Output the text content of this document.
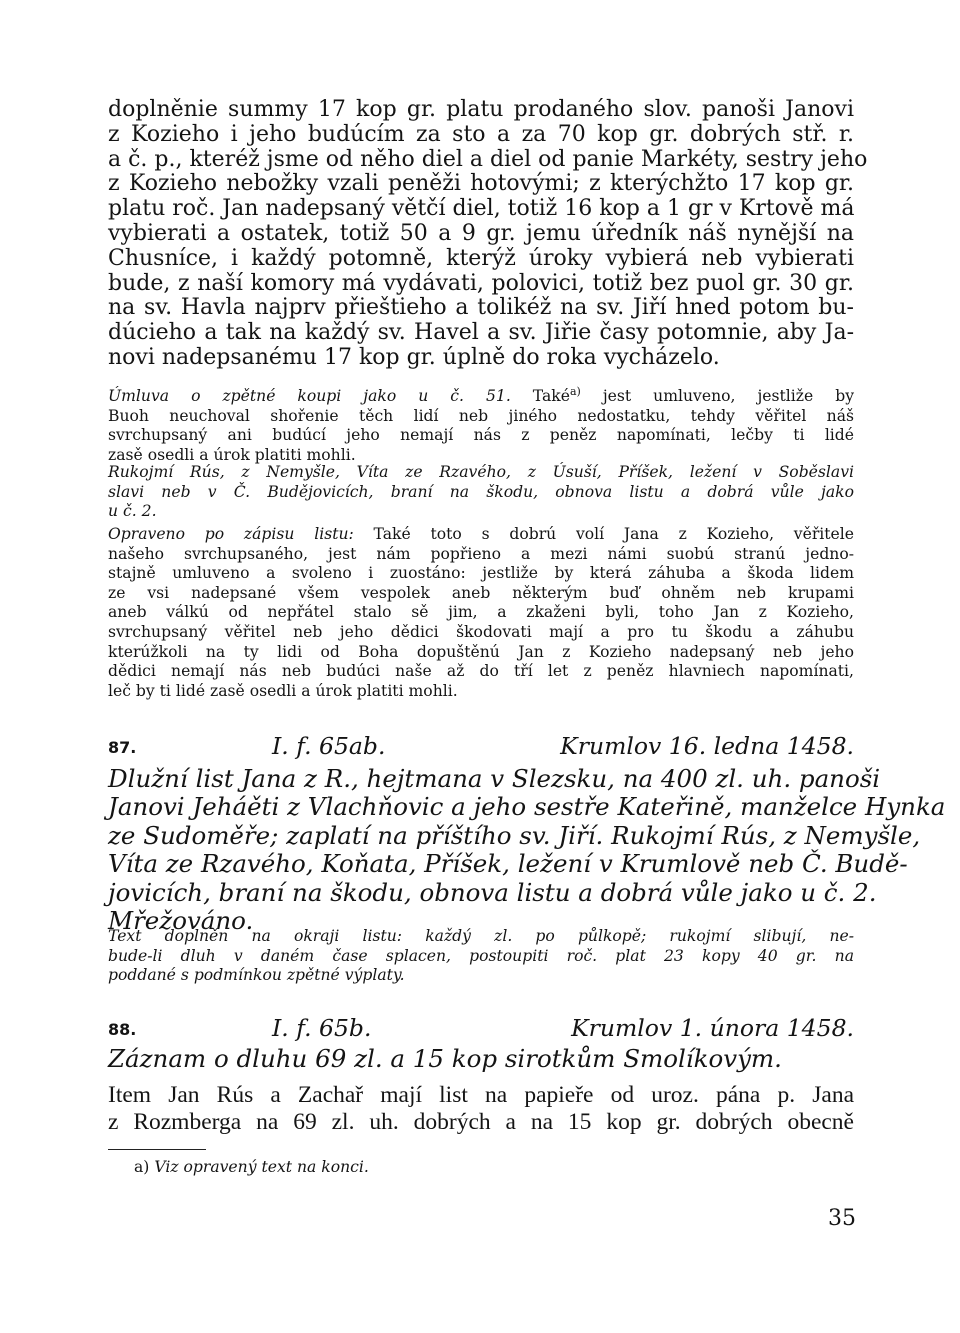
doplněnie summy 17 kop gr. platu prodaného slov. panoši Janovi
z Kozieho i jeho budúcím za sto a za 70 kop gr. dobrých stř. r.
a č. p., kteréž jsme od něho diel a diel od panie Markéty, sestry jeho
z Kozieho nebožky vzali peněži hotovými; z kterýchžto 17 kop gr.
platu roč. Jan nadepsaný větčí diel, totiž 16 kop a 1 gr v Krtově má
vybierati a ostatek, totiž 50 a 9 gr. jemu úředník náš nynější na
Chusníce, i každý potomně, kterýž úroky vybierá neb vybierati
bude, z naší komory má vydávati, polovici, totiž bez puol gr. 30 gr.
na sv. Havla najprv přieštieho a tolikéž na sv. Jiří hned potom bu-
dúcieho a tak na každý sv. Havel a sv. Jiřie časy potomnie, aby Ja-
novi nadepsanému 17 kop gr. úplně do roka vycházelo.
Úmluva o zpětné koupi jako u č. 51. Také$^{a)}$ jest umluveno, jestliže by
Buoh neuchoval shořenie těch lidí neb jiného nedostatku, tehdy věřitel náš
svrchupsaný ani budúcí jeho nemají nás z peněz napomínati, lečby ti lidé
zasě osedli a úrok platiti mohli.
Rukojmí Rús, z Nemyšle, Víta ze Rzavého, z Úsuší, Příšek, ležení v Soběslavi
slavi neb v Č. Budějovicích, braní na škodu, obnova listu a dobrá vůle jako
u č. 2.
Opraveno po zápisu listu: Také toto s dobrú volí Jana z Kozieho, věřitele
našeho svrchupsaného, jest nám popřieno a mezi námi suobú stranú jedno-
stajně umluveno a svoleno i zuostáno: jestliže by která záhuba a škoda lidem
ze vsi nadepsané všem vespolek aneb některým buď ohněm neb krupami
aneb válkú od nepřátel stalo sě jim, a zkaženi byli, toho Jan z Kozieho,
svrchupsaný věřitel neb jeho dědici škodovati mají a pro tu škodu a záhubu
kterúžkoli na ty lidi od Boha dopuštěnú Jan z Kozieho nadepsaný neb jeho
dědici nemají nás neb budúci naše až do tří let z peněz hlavniech napomínati,
leč by ti lidé zasě osedli a úrok platiti mohli.
87.	I. f. 65ab.	Krumlov 16. ledna 1458.
Dlužní list Jana z R., hejtmana v Slezsku, na 400 zl. uh. panoši
Janovi Jeháěti z Vlachňovic a jeho sestře Kateřině, manželce Hynka
ze Sudoměře; zaplatí na příštího sv. Jiří. Rukojmí Rús, z Nemyšle,
Víta ze Rzavého, Koňata, Příšek, ležení v Krumlově neb Č. Budě-
jovicích, braní na škodu, obnova listu a dobrá vůle jako u č. 2.
Mřežováno.
Text doplněn na okraji listu: každý zl. po půlkopě; rukojmí slibují, ne-
bude-li dluh v daném čase splacen, postoupiti roč. plat 23 kopy 40 gr. na
poddané s podmínkou zpětné výplaty.
88.	I. f. 65b.	Krumlov 1. února 1458.
Záznam o dluhu 69 zl. a 15 kop sirotkům Smolíkovým.
Item Jan Rús a Zachař mají list na papieře od uroz. pána p. Jana
z Rozmberga na 69 zl. uh. dobrých a na 15 kop gr. dobrých obecně
a) Viz opravený text na konci.
35
